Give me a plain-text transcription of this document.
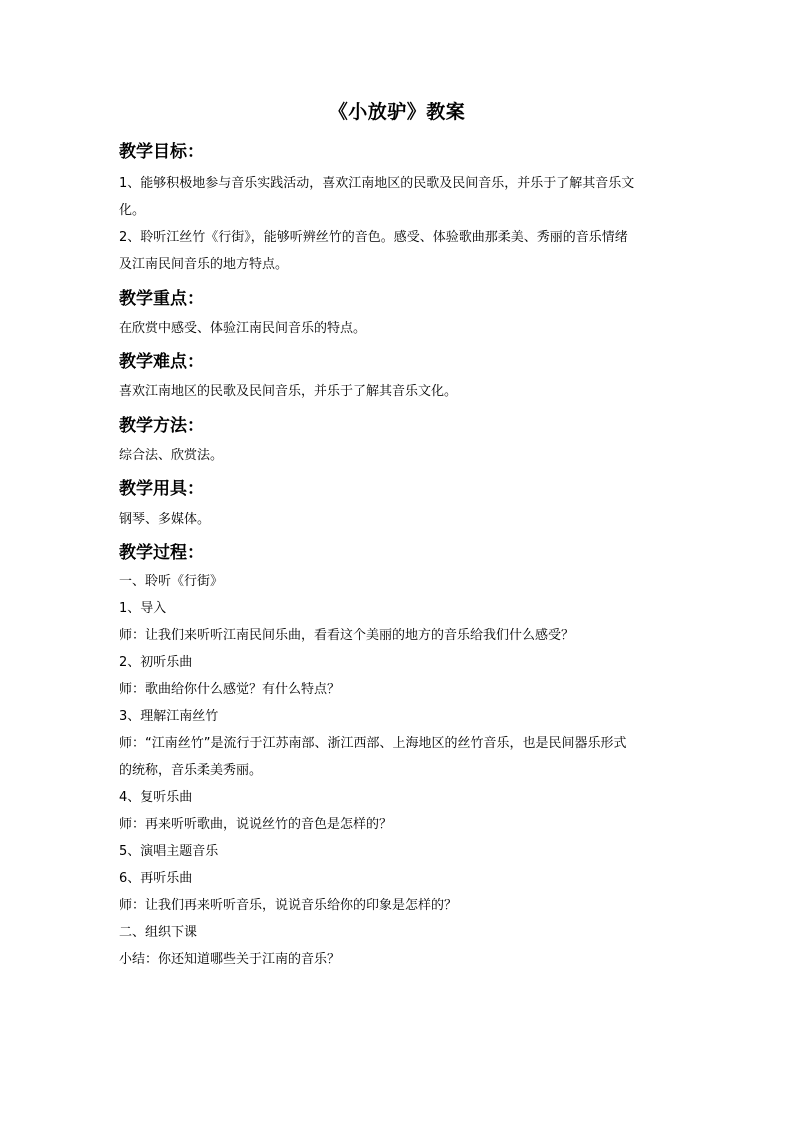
《小放驴》教案
教学目标：
1、能够积极地参与音乐实践活动，喜欢江南地区的民歌及民间音乐，并乐于了解其音乐文
化。
2、聆听江丝竹《行街》，能够听辨丝竹的音色。感受、体验歌曲那柔美、秀丽的音乐情绪
及江南民间音乐的地方特点。
教学重点：
在欣赏中感受、体验江南民间音乐的特点。
教学难点：
喜欢江南地区的民歌及民间音乐，并乐于了解其音乐文化。
教学方法：
综合法、欣赏法。
教学用具：
钢琴、多媒体。
教学过程：
一、聆听《行街》
1、导入
师：让我们来听听江南民间乐曲，看看这个美丽的地方的音乐给我们什么感受？
2、初听乐曲
师：歌曲给你什么感觉？有什么特点？
3、理解江南丝竹
师：“江南丝竹”是流行于江苏南部、浙江西部、上海地区的丝竹音乐，也是民间器乐形式
的统称，音乐柔美秀丽。
4、复听乐曲
师：再来听听歌曲，说说丝竹的音色是怎样的？
5、演唱主题音乐
6、再听乐曲
师：让我们再来听听音乐，说说音乐给你的印象是怎样的？
二、组织下课
小结：你还知道哪些关于江南的音乐？
